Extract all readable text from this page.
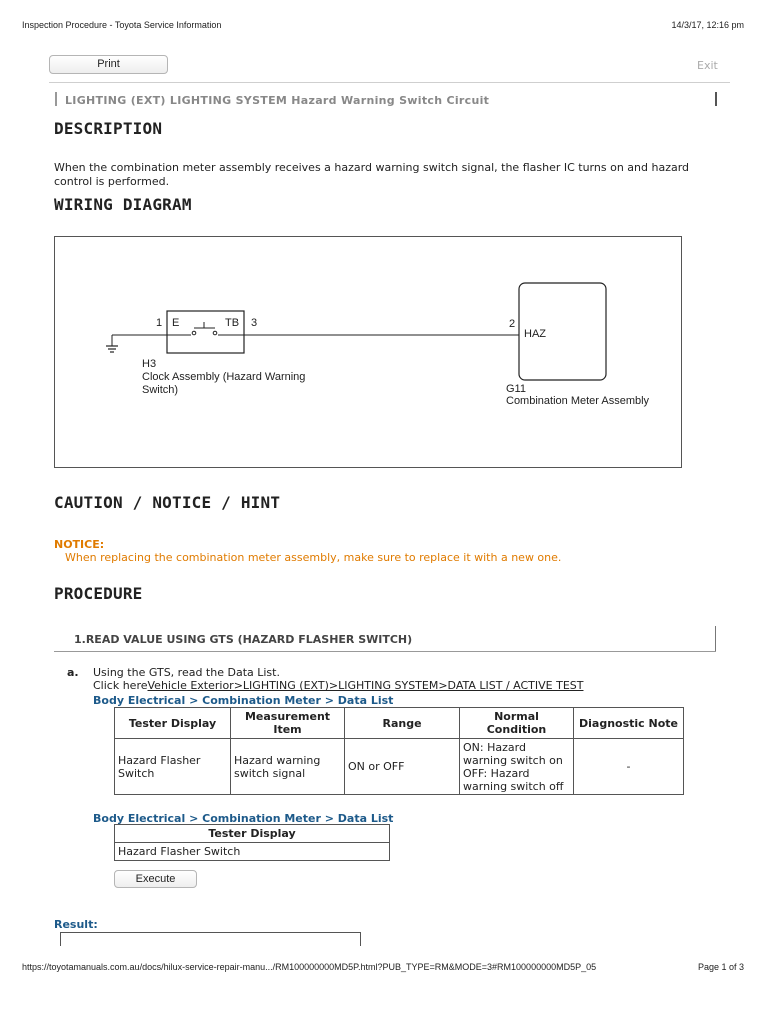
Inspection Procedure - Toyota Service Information	14/3/17, 12:16 pm
Print	Exit
LIGHTING (EXT) LIGHTING SYSTEM Hazard Warning Switch Circuit
DESCRIPTION
When the combination meter assembly receives a hazard warning switch signal, the flasher IC turns on and hazard control is performed.
WIRING DIAGRAM
1 E	TB 3	2
HAZ
H3
Clock Assembly (Hazard Warning
Switch)	G11
Combination Meter Assembly
CAUTION / NOTICE / HINT
NOTICE:
When replacing the combination meter assembly, make sure to replace it with a new one.
PROCEDURE
1.READ VALUE USING GTS (HAZARD FLASHER SWITCH)
a. Using the GTS, read the Data List.
Click hereVehicle Exterior>LIGHTING (EXT)>LIGHTING SYSTEM>DATA LIST / ACTIVE TEST
Body Electrical > Combination Meter > Data List
Tester Display	Measurement Item	Range	Normal Condition	Diagnostic Note
Hazard Flasher Switch	Hazard warning switch signal	ON or OFF	ON: Hazard warning switch on OFF: Hazard warning switch off	-
Body Electrical > Combination Meter > Data List
Tester Display
Hazard Flasher Switch
Execute
Result:
https://toyotamanuals.com.au/docs/hilux-service-repair-manu.../RM100000000MD5P.html?PUB_TYPE=RM&MODE=3#RM100000000MD5P_05	Page 1 of 3
